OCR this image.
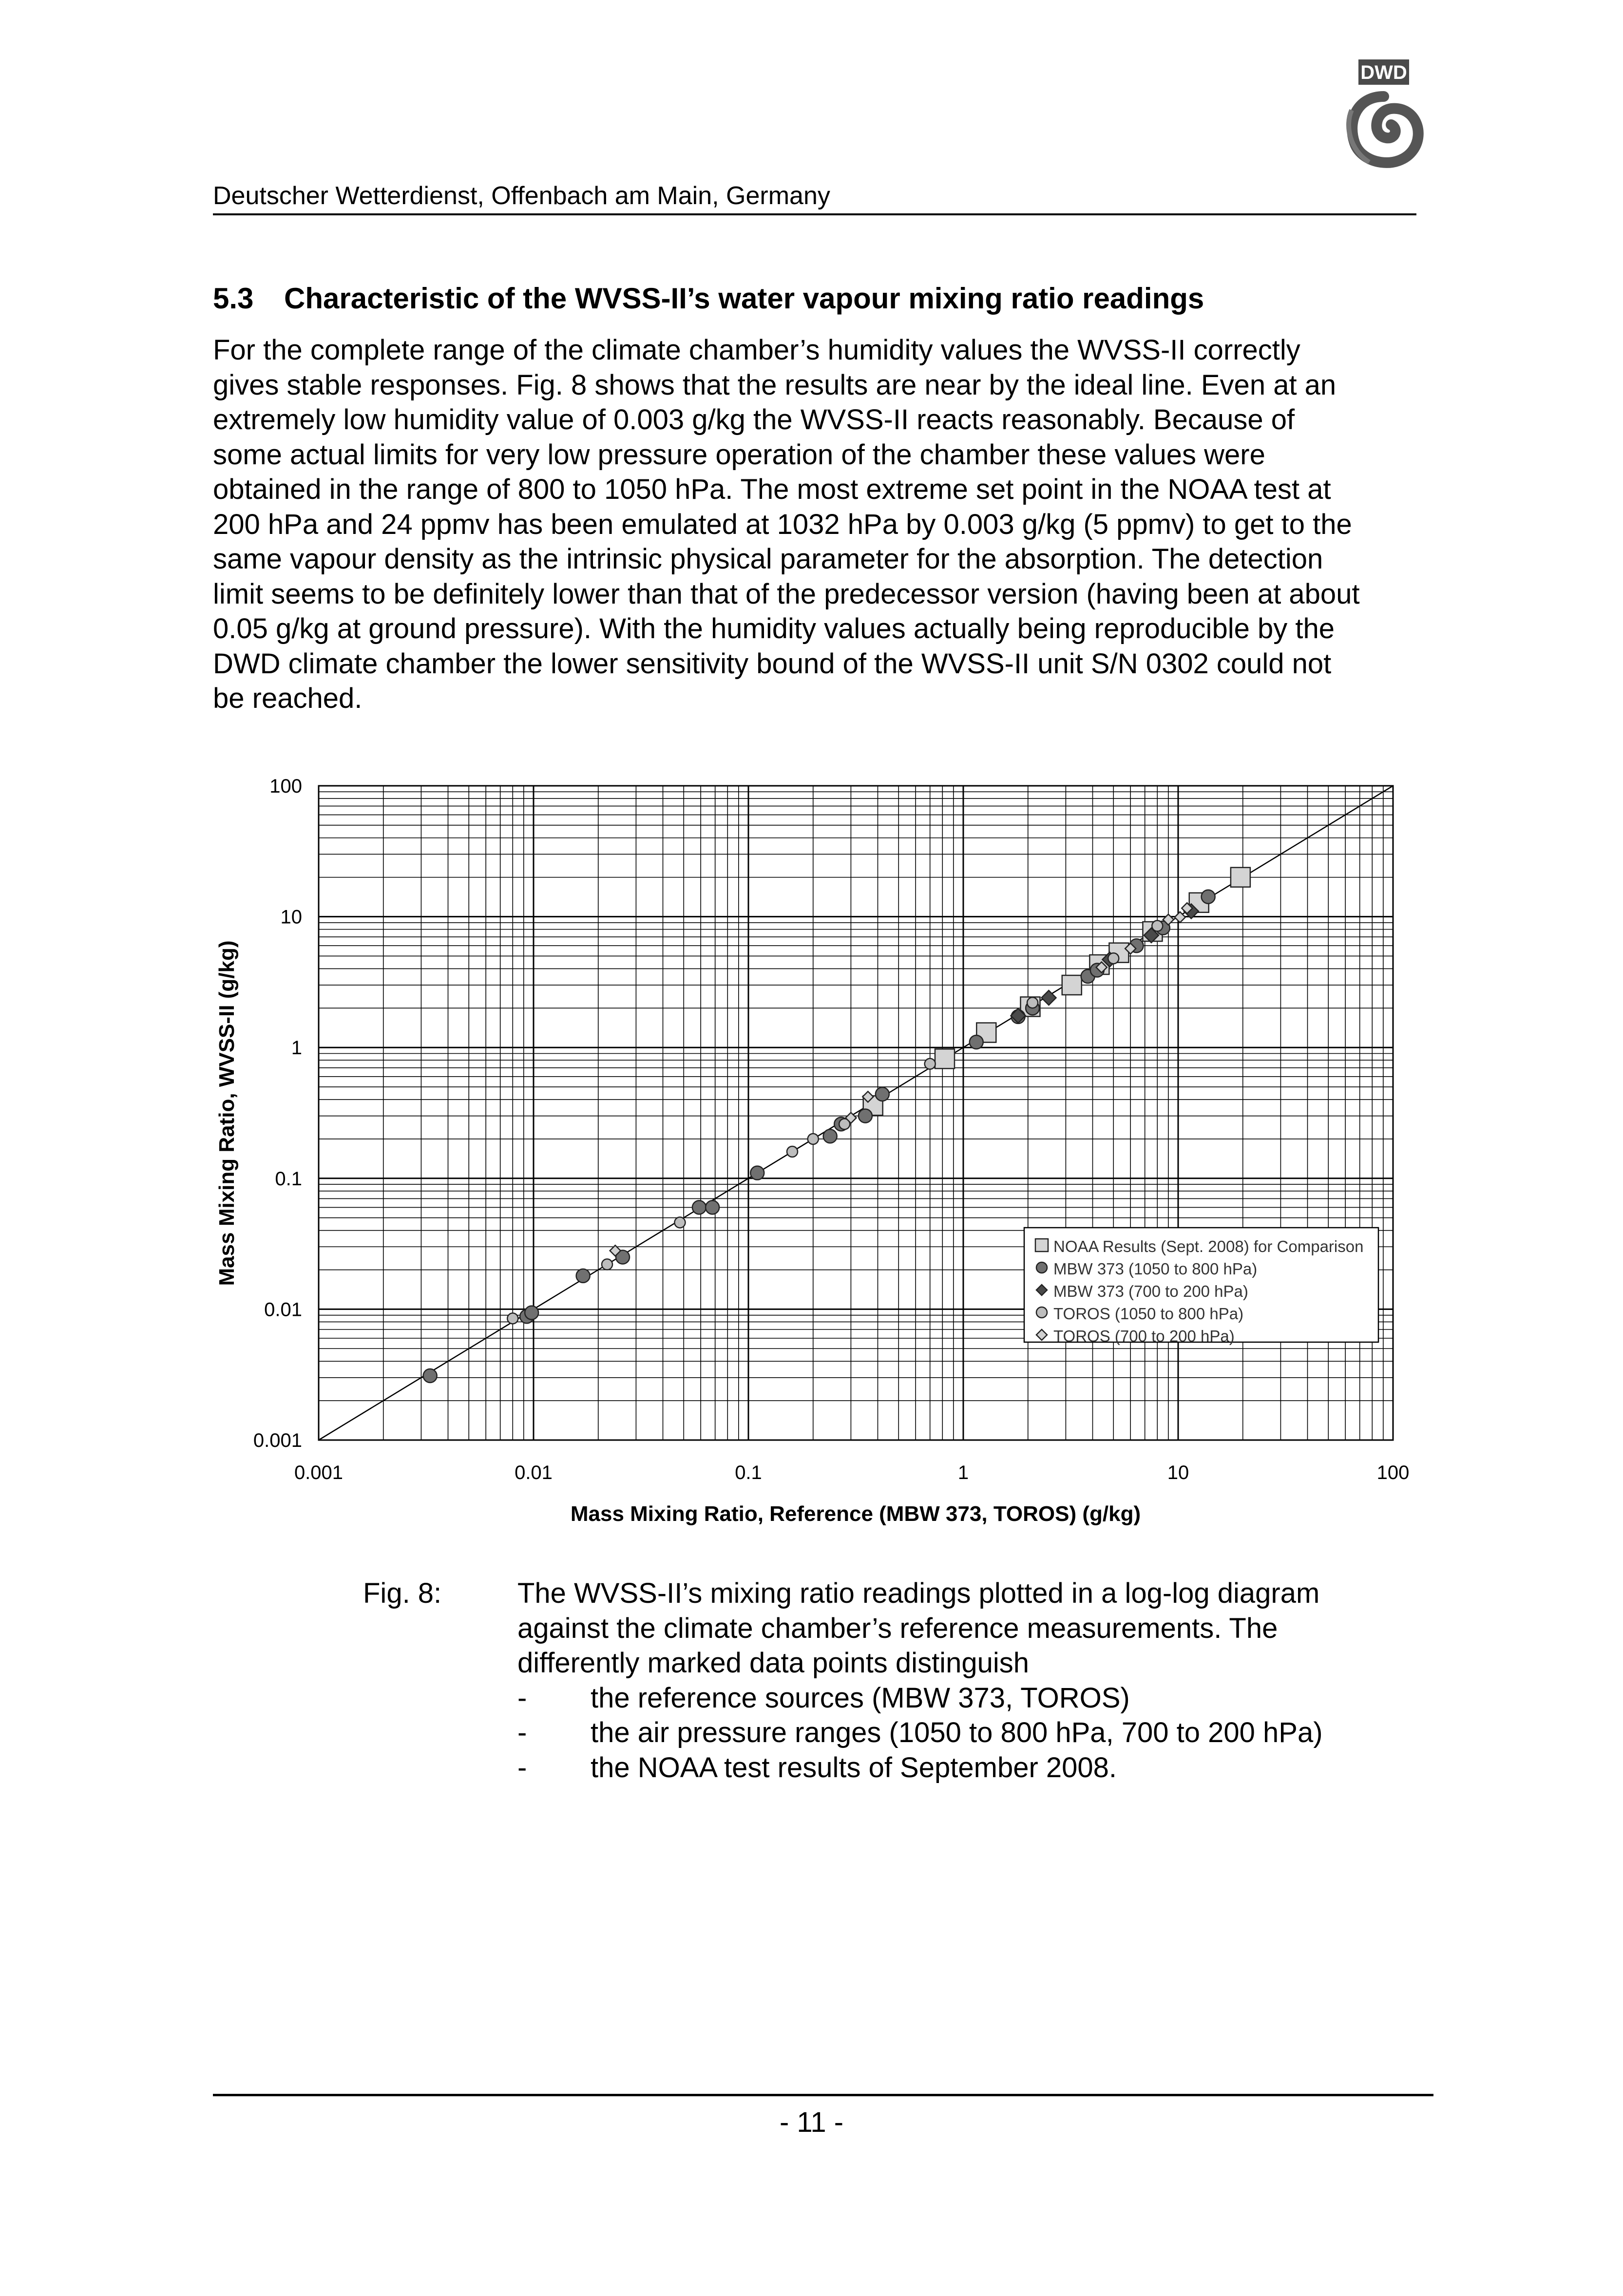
Deutscher Wetterdienst, Offenbach am Main, Germany
DWD
5.3 Characteristic of the WVSS-II’s water vapour mixing ratio readings

For the complete range of the climate chamber’s humidity values the WVSS-II correctly
gives stable responses. Fig. 8 shows that the results are near by the ideal line. Even at an
extremely low humidity value of 0.003 g/kg the WVSS-II reacts reasonably. Because of
some actual limits for very low pressure operation of the chamber these values were
obtained in the range of 800 to 1050 hPa. The most extreme set point in the NOAA test at
200 hPa and 24 ppmv has been emulated at 1032 hPa by 0.003 g/kg (5 ppmv) to get to the
same vapour density as the intrinsic physical parameter for the absorption. The detection
limit seems to be definitely lower than that of the predecessor version (having been at about
0.05 g/kg at ground pressure). With the humidity values actually being reproducible by the
DWD climate chamber the lower sensitivity bound of the WVSS-II unit S/N 0302 could not
be reached.

0.001	0.01	0.1	1	10	100
0.001
0.01
0.1
1
10
100
Mass Mixing Ratio, Reference (MBW 373, TOROS) (g/kg)
Mass Mixing Ratio, WVSS-II (g/kg)	NOAA Results (Sept. 2008) for Comparison
MBW 373 (1050 to 800 hPa)
MBW 373 (700 to 200 hPa)
TOROS (1050 to 800 hPa)
TOROS (700 to 200 hPa)
Fig. 8:	The WVSS-II’s mixing ratio readings plotted in a log-log diagram
against the climate chamber’s reference measurements. The
differently marked data points distinguish
- the reference sources (MBW 373, TOROS)
- the air pressure ranges (1050 to 800 hPa, 700 to 200 hPa)
- the NOAA test results of September 2008.
- 11 -
